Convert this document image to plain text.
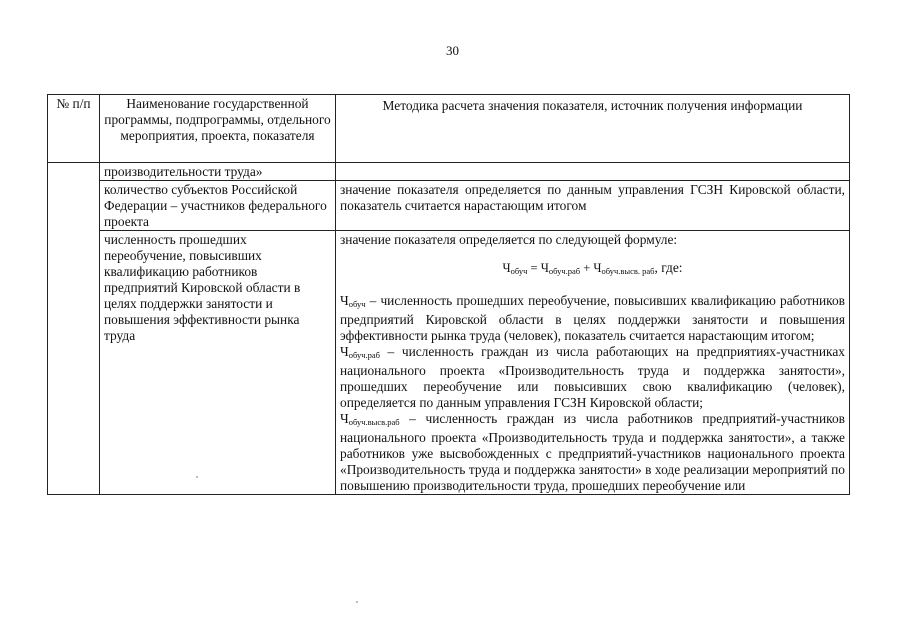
30
№ п/п	Наименование государственной программы, подпрограммы, отдельного мероприятия, проекта, показателя	Методика расчета значения показателя, источник получения информации
	производительности труда»	
	количество субъектов Российской Федерации – участников федерального проекта	значение показателя определяется по данным управления ГСЗН Кировской области, показатель считается нарастающим итогом
	численность прошедших переобучение, повысивших квалификацию работников предприятий Кировской области в целях поддержки занятости и повышения эффективности рынка труда	значение показателя определяется по следующей формуле:

$Ч_{обуч} = Ч_{обуч.раб} + Ч_{обуч.высв. раб}$, где:

$Ч_{обуч}$ – численность прошедших переобучение, повысивших квалификацию работников предприятий Кировской области в целях поддержки занятости и повышения эффективности рынка труда (человек), показатель считается нарастающим итогом;

$Ч_{обуч.раб}$ – численность граждан из числа работающих на предприятиях-участниках национального проекта «Производительность труда и поддержка занятости», прошедших переобучение или повысивших свою квалификацию (человек), определяется по данным управления ГСЗН Кировской области;

$Ч_{обуч.высв.раб}$ – численность граждан из числа работников предприятий-участников национального проекта «Производительность труда и поддержка занятости», а также работников уже высвобожденных с предприятий-участников национального проекта «Производительность труда и поддержка занятости» в ходе реализации мероприятий по повышению производительности труда, прошедших переобучение или
